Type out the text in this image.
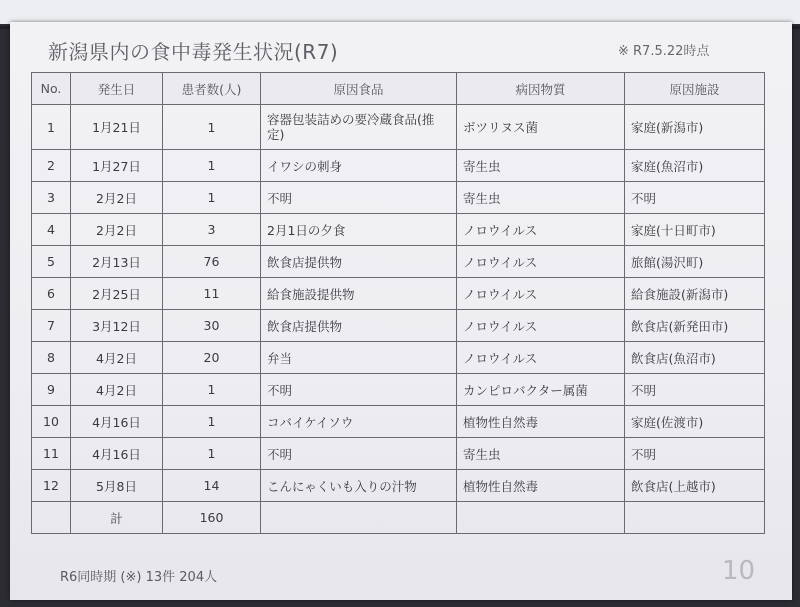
新潟県内の食中毒発生状況(R7)	※ R7.5.22時点
No.	発生日	患者数(人)	原因食品	病因物質	原因施設
1	1月21日	1	容器包装詰めの要冷蔵食品(推定)	ボツリヌス菌	家庭(新潟市)
2	1月27日	1	イワシの刺身	寄生虫	家庭(魚沼市)
3	2月2日	1	不明	寄生虫	不明
4	2月2日	3	2月1日の夕食	ノロウイルス	家庭(十日町市)
5	2月13日	76	飲食店提供物	ノロウイルス	旅館(湯沢町)
6	2月25日	11	給食施設提供物	ノロウイルス	給食施設(新潟市)
7	3月12日	30	飲食店提供物	ノロウイルス	飲食店(新発田市)
8	4月2日	20	弁当	ノロウイルス	飲食店(魚沼市)
9	4月2日	1	不明	カンピロバクター属菌	不明
10	4月16日	1	コバイケイソウ	植物性自然毒	家庭(佐渡市)
11	4月16日	1	不明	寄生虫	不明
12	5月8日	14	こんにゃくいも入りの汁物	植物性自然毒	飲食店(上越市)
	計	160			
R6同時期 (※) 13件 204人	10
